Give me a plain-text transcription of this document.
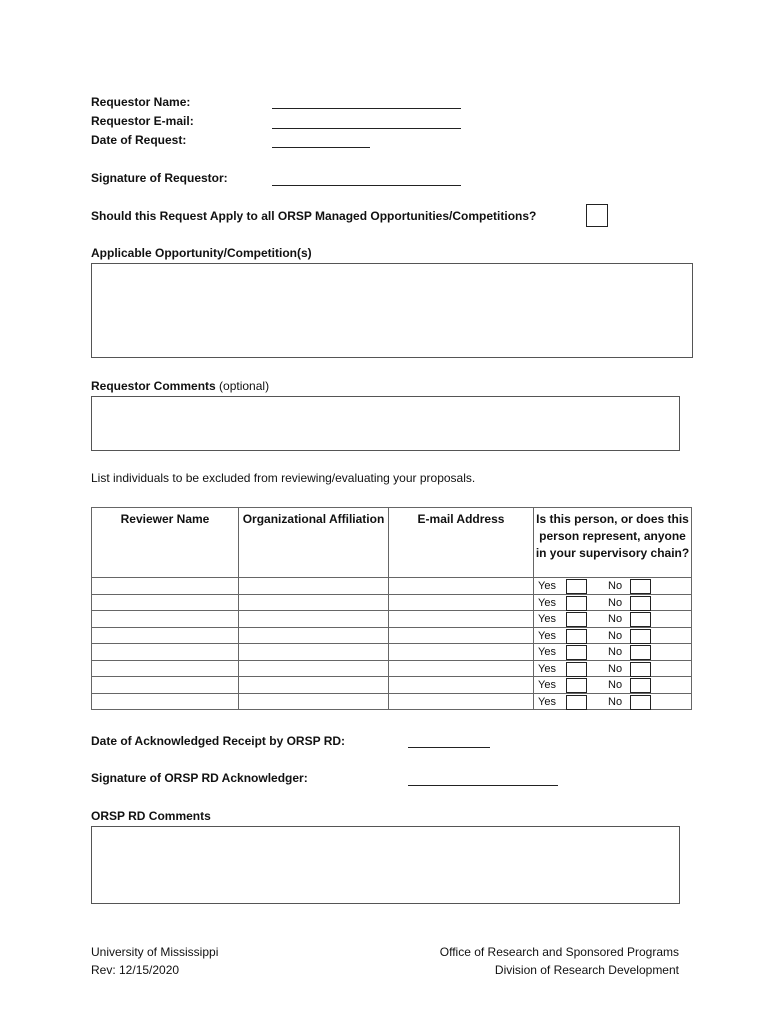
Requestor Name:
Requestor E-mail:
Date of Request:
Signature of Requestor:
Should this Request Apply to all ORSP Managed Opportunities/Competitions?
Applicable Opportunity/Competition(s)
Requestor Comments (optional)
List individuals to be excluded from reviewing/evaluating your proposals.
Reviewer Name	Organizational Affiliation	E-mail Address	Is this person, or does this person represent, anyone in your supervisory chain?

			Yes No

			Yes No

			Yes No

			Yes No

			Yes No

			Yes No

			Yes No

			Yes No
Date of Acknowledged Receipt by ORSP RD:
Signature of ORSP RD Acknowledger:
ORSP RD Comments
University of Mississippi
Rev: 12/15/2020
Office of Research and Sponsored Programs
Division of Research Development
